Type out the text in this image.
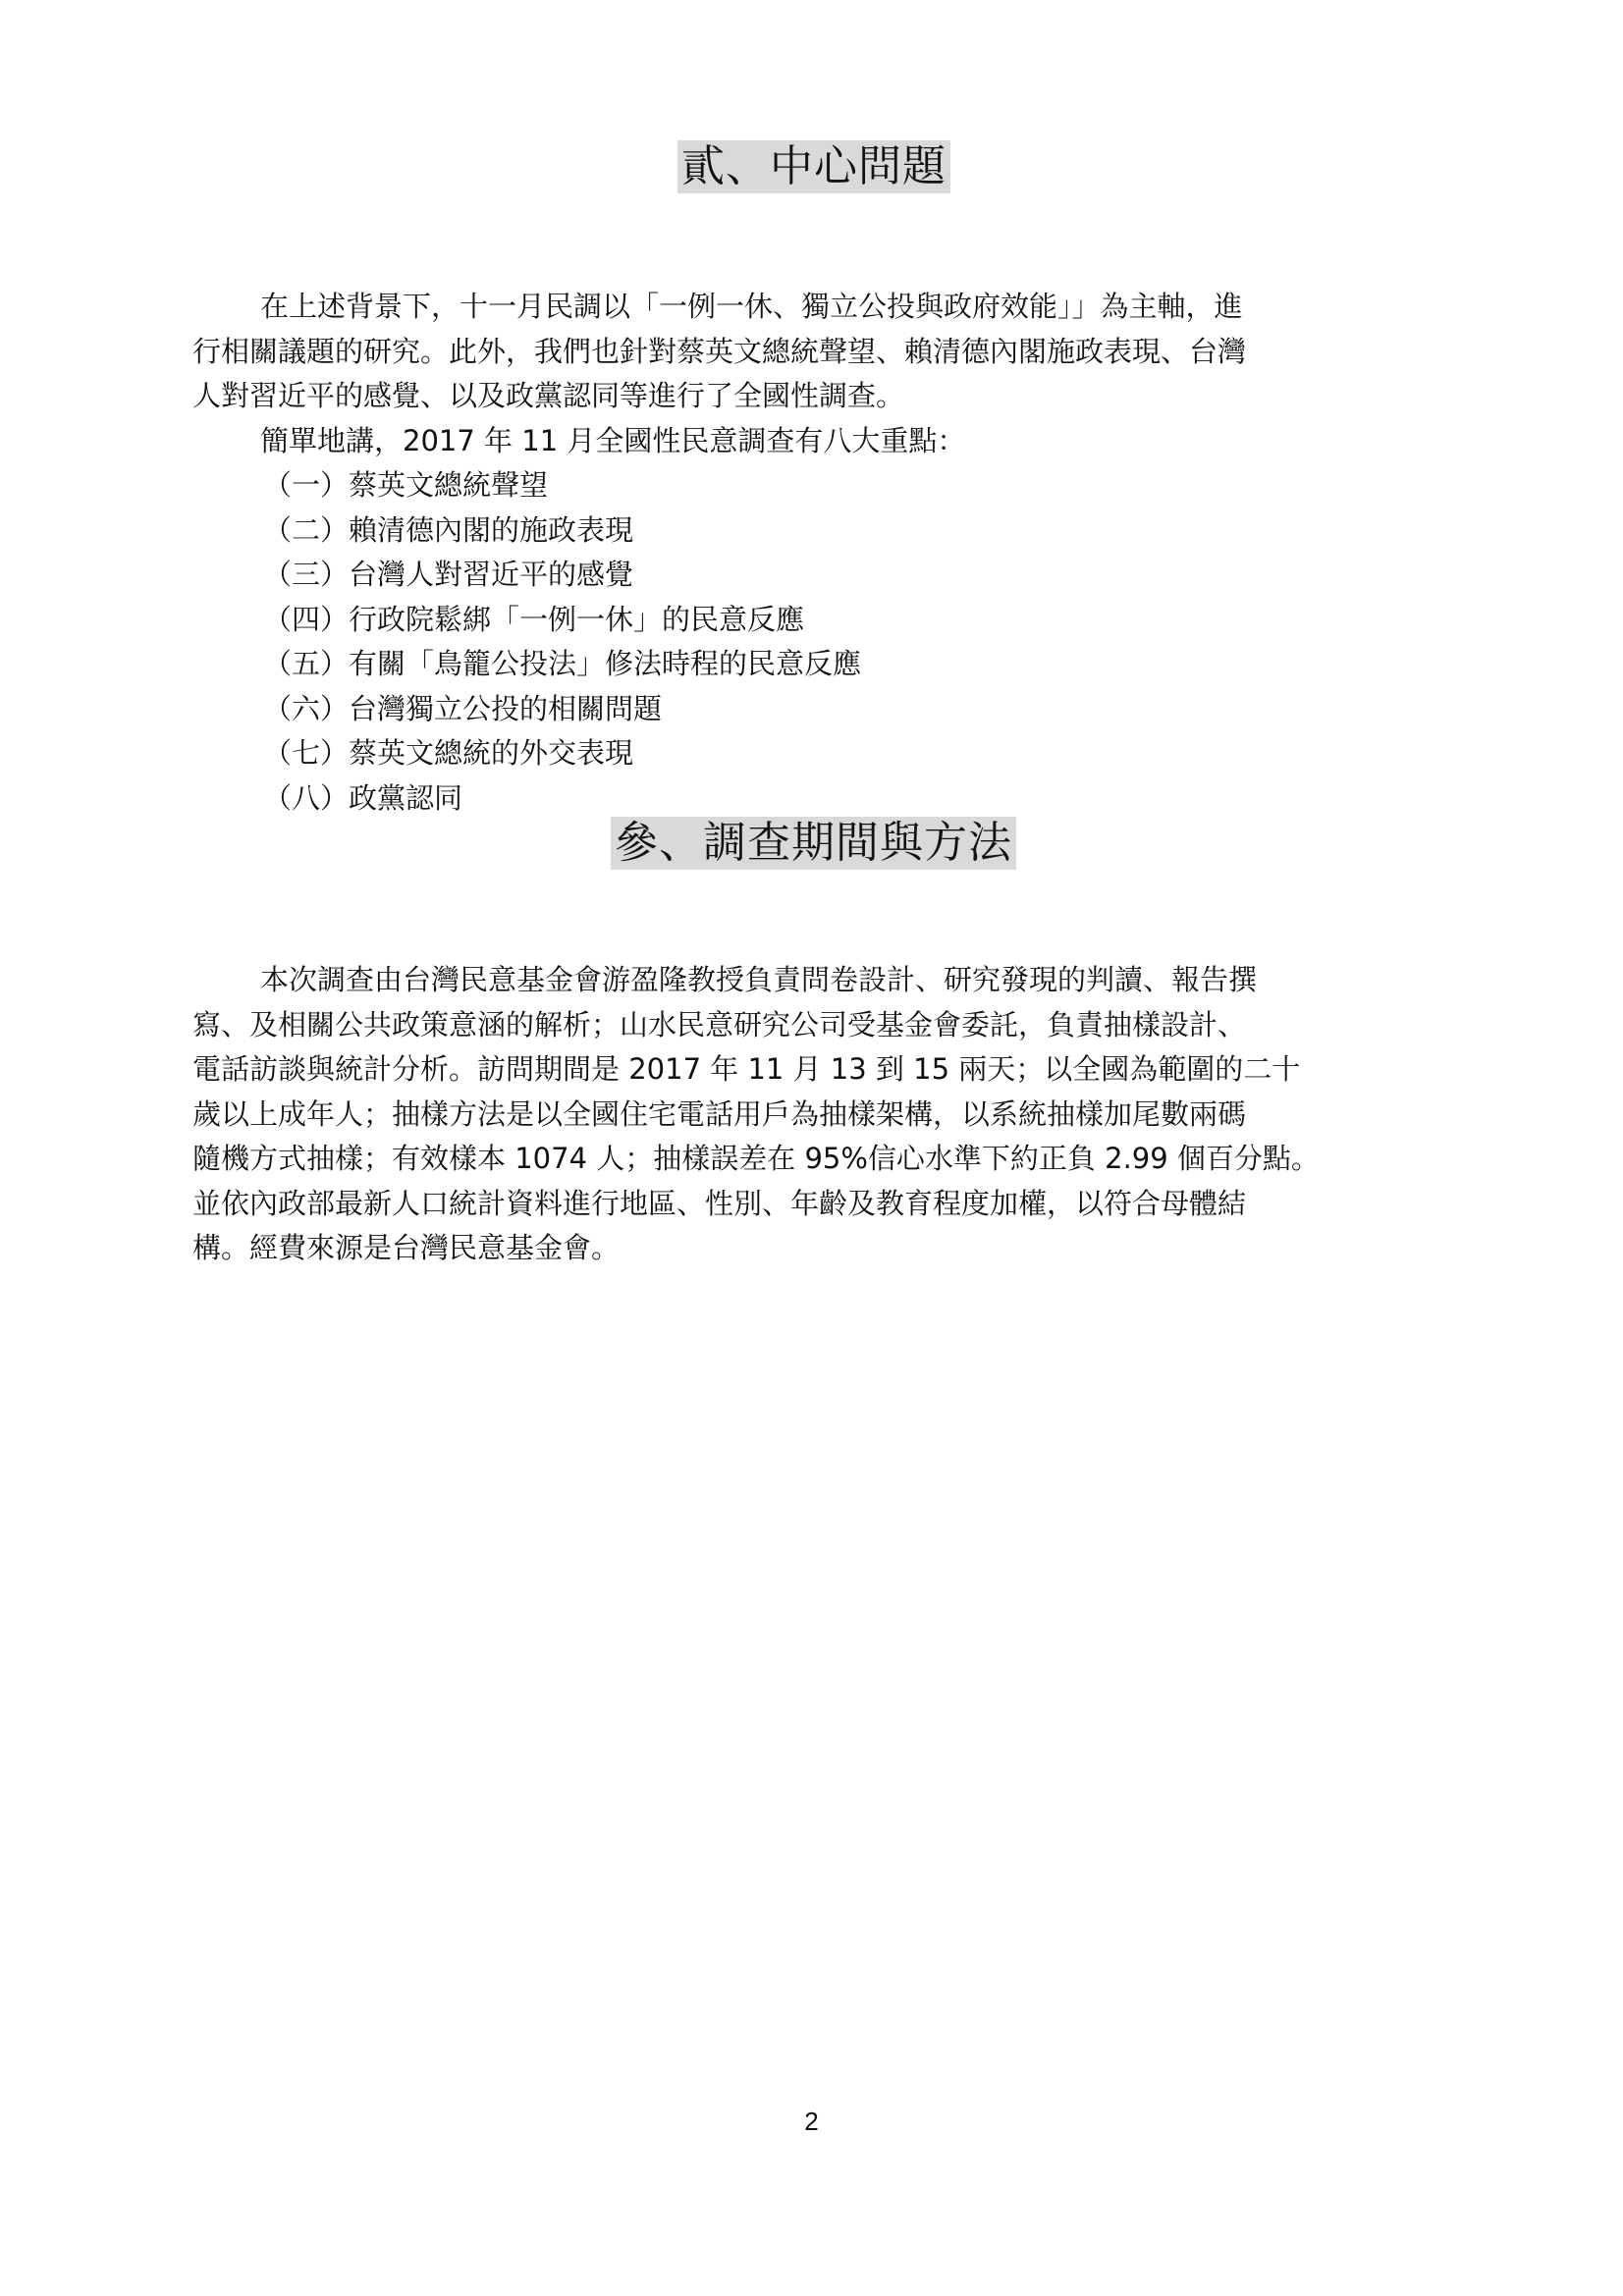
貳、中心問題
在上述背景下，十一月民調以「一例一休、獨立公投與政府效能」」為主軸，進
行相關議題的研究。此外，我們也針對蔡英文總統聲望、賴清德內閣施政表現、台灣
人對習近平的感覺、以及政黨認同等進行了全國性調查。
簡單地講，2017 年 11 月全國性民意調查有八大重點：
（一）蔡英文總統聲望
（二）賴清德內閣的施政表現
（三）台灣人對習近平的感覺
（四）行政院鬆綁「一例一休」的民意反應
（五）有關「鳥籠公投法」修法時程的民意反應
（六）台灣獨立公投的相關問題
（七）蔡英文總統的外交表現
（八）政黨認同
參、調查期間與方法
本次調查由台灣民意基金會游盈隆教授負責問卷設計、研究發現的判讀、報告撰
寫、及相關公共政策意涵的解析；山水民意研究公司受基金會委託，負責抽樣設計、
電話訪談與統計分析。訪問期間是 2017 年 11 月 13 到 15 兩天；以全國為範圍的二十
歲以上成年人；抽樣方法是以全國住宅電話用戶為抽樣架構，以系統抽樣加尾數兩碼
隨機方式抽樣；有效樣本 1074 人；抽樣誤差在 95%信心水準下約正負 2.99 個百分點。
並依內政部最新人口統計資料進行地區、性別、年齡及教育程度加權，以符合母體結
構。經費來源是台灣民意基金會。
2
